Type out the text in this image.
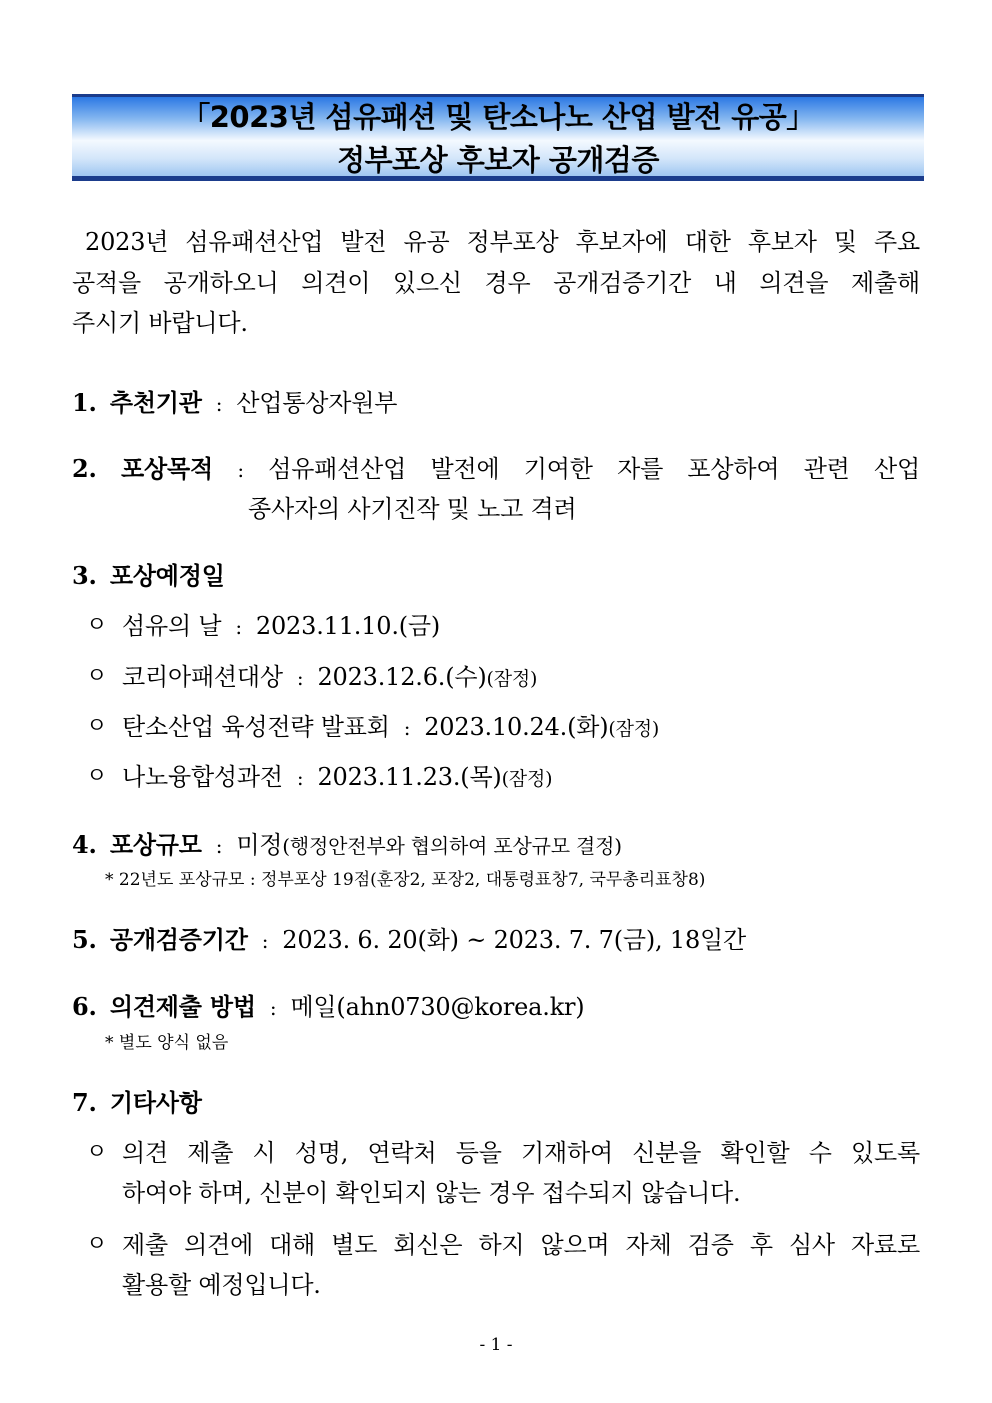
「2023년 섬유패션 및 탄소나노 산업 발전 유공」
정부포상 후보자 공개검증
2023년 섬유패션산업 발전 유공 정부포상 후보자에 대한 후보자 및 주요
공적을 공개하오니 의견이 있으신 경우 공개검증기간 내 의견을 제출해
주시기 바랍니다.
1. 추천기관 : 산업통상자원부
2. 포상목적 : 섬유패션산업 발전에 기여한 자를 포상하여 관련 산업
종사자의 사기진작 및 노고 격려
3. 포상예정일
ㅇ 섬유의 날 : 2023.11.10.(금)
ㅇ 코리아패션대상 : 2023.12.6.(수)(잠정)
ㅇ 탄소산업 육성전략 발표회 : 2023.10.24.(화)(잠정)
ㅇ 나노융합성과전 : 2023.11.23.(목)(잠정)
4. 포상규모 : 미정(행정안전부와 협의하여 포상규모 결정)
* 22년도 포상규모 : 정부포상 19점(훈장2, 포장2, 대통령표창7, 국무총리표창8)
5. 공개검증기간 : 2023. 6. 20(화) ~ 2023. 7. 7(금), 18일간
6. 의견제출 방법 : 메일(ahn0730@korea.kr)
* 별도 양식 없음
7. 기타사항
ㅇ 의견 제출 시 성명, 연락처 등을 기재하여 신분을 확인할 수 있도록
하여야 하며, 신분이 확인되지 않는 경우 접수되지 않습니다.
ㅇ 제출 의견에 대해 별도 회신은 하지 않으며 자체 검증 후 심사 자료로
활용할 예정입니다.
- 1 -
